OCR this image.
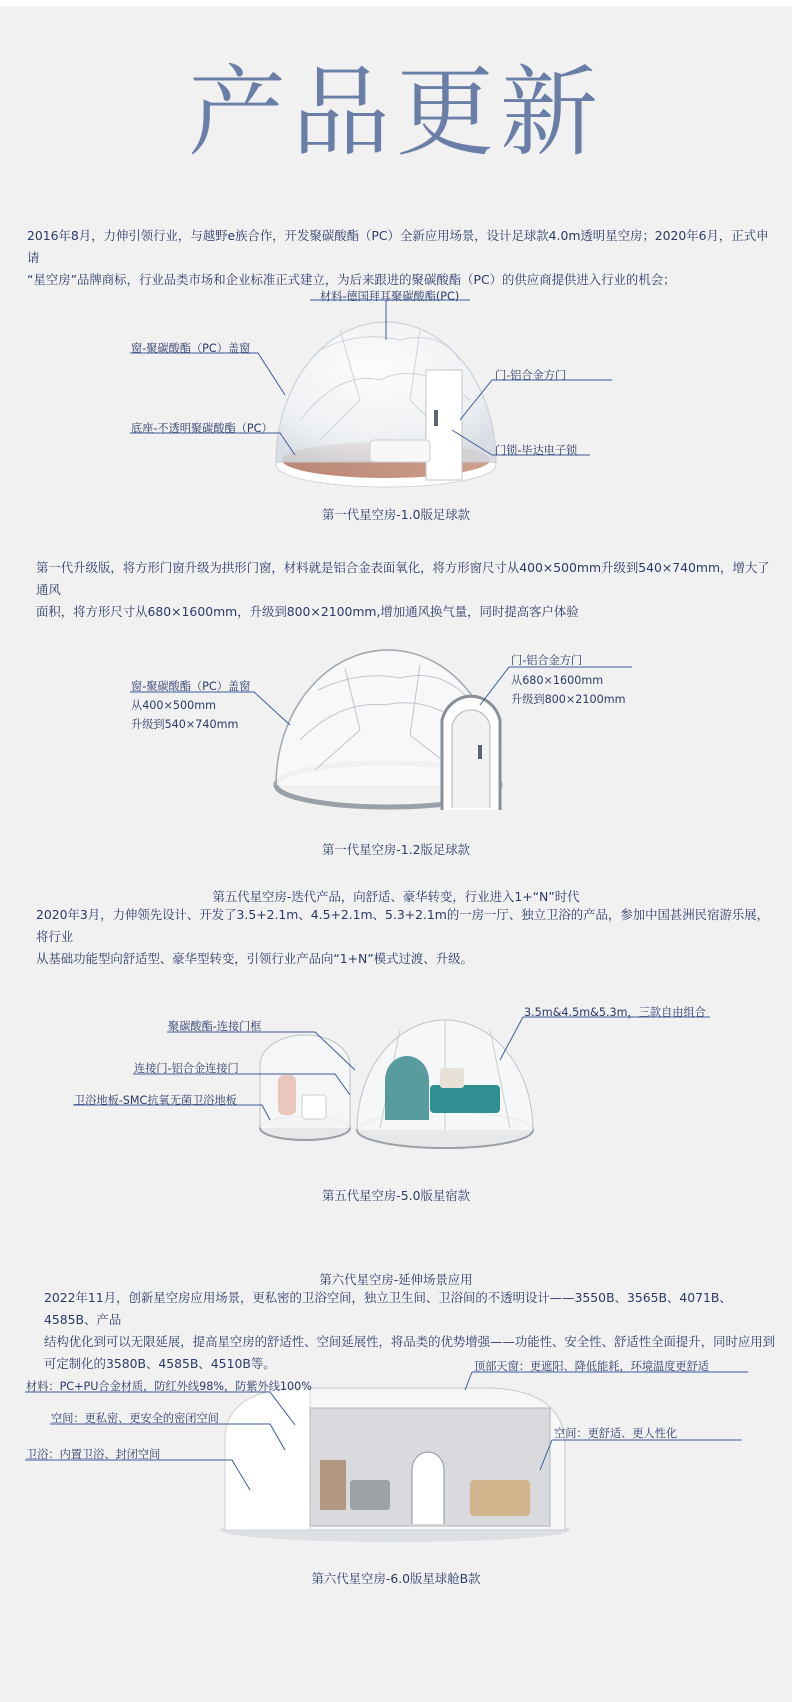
产品更新
2016年8月，力伸引领行业，与越野e族合作，开发聚碳酸酯（PC）全新应用场景，设计足球款4.0m透明星空房；2020年6月，正式申请
“星空房”品牌商标，行业品类市场和企业标准正式建立，为后来跟进的聚碳酸酯（PC）的供应商提供进入行业的机会；
材料-德国拜耳聚碳酸酯(PC)
窗-聚碳酸酯（PC）盖窗
底座-不透明聚碳酸酯（PC）
门-铝合金方门
门锁-毕达电子锁
第一代星空房-1.0版足球款
第一代升级版，将方形门窗升级为拱形门窗，材料就是铝合金表面氧化，将方形窗尺寸从400×500mm升级到540×740mm，增大了通风
面积，将方形尺寸从680×1600mm，升级到800×2100mm,增加通风换气量，同时提高客户体验
窗-聚碳酸酯（PC）盖窗
从400×500mm
升级到540×740mm
门-铝合金方门
从680×1600mm
升级到800×2100mm
第一代星空房-1.2版足球款
第五代星空房-迭代产品，向舒适、豪华转变，行业进入1+“N”时代
2020年3月，力伸领先设计、开发了3.5+2.1m、4.5+2.1m、5.3+2.1m的一房一厅、独立卫浴的产品，参加中国甚洲民宿游乐展，将行业
从基础功能型向舒适型、豪华型转变，引领行业产品向“1+N”模式过渡、升级。
聚碳酸酯-连接门框
连接门-铝合金连接门
卫浴地板-SMC抗氧无菌卫浴地板
3.5m&4.5m&5.3m，三款自由组合
第五代星空房-5.0版星宿款
第六代星空房-延伸场景应用
2022年11月，创新星空房应用场景，更私密的卫浴空间，独立卫生间、卫浴间的不透明设计——3550B、3565B、4071B、4585B、产品
结构优化到可以无限延展，提高星空房的舒适性、空间延展性，将品类的优势增强——功能性、安全性、舒适性全面提升，同时应用到
可定制化的3580B、4585B、4510B等。
材料：PC+PU合金材质，防红外线98%，防紫外线100%
空间：更私密、更安全的密闭空间
卫浴：内置卫浴、封闭空间
顶部天窗：更遮阳、降低能耗，环境温度更舒适
空间：更舒适、更人性化
第六代星空房-6.0版星球舱B款
